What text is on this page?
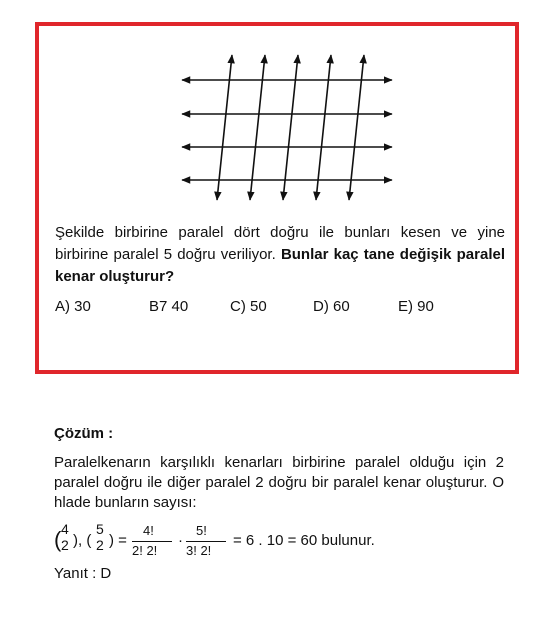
Şekilde birbirine paralel dört doğru ile bunları kesen ve yine birbirine paralel 5 doğru veriliyor. Bunlar kaç tane değişik paralel kenar oluşturur?
A) 30	B7 40	C) 50	D) 60	E) 90
Çözüm :
Paralelkenarın karşılıklı kenarları birbirine paralel olduğu için 2 paralel doğru ile diğer paralel 2 doğru bir paralel kenar oluşturur. O hlade bunların sayısı:
( 4
2 ), (
5
2 ) =
4!
2! 2!
·
5!
3! 2!
= 6 . 10 = 60 bulunur.
Yanıt : D
